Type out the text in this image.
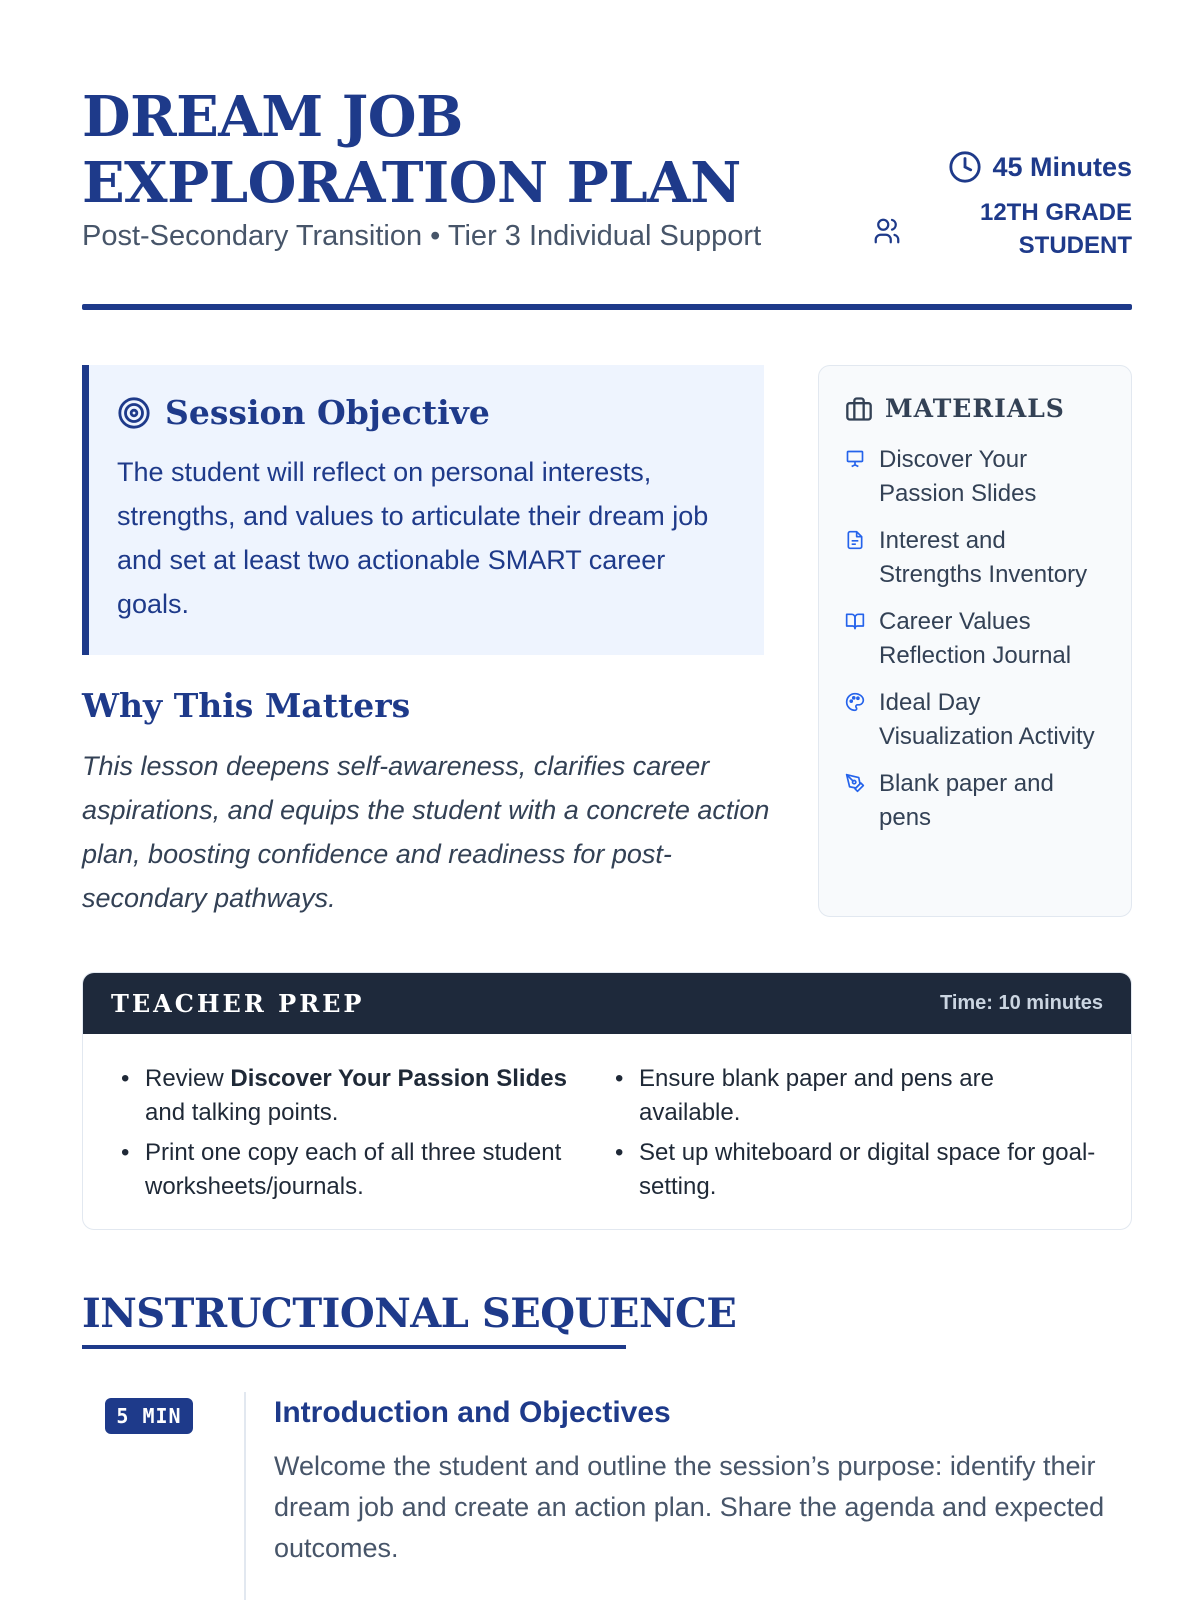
DREAM JOB EXPLORATION PLAN
Post-Secondary Transition • Tier 3 Individual Support
45 Minutes
12TH GRADE
STUDENT
Session Objective

The student will reflect on personal interests, strengths, and values to articulate their dream job and set at least two actionable SMART career goals.

Why This Matters

This lesson deepens self-awareness, clarifies career aspirations, and equips the student with a concrete action plan, boosting confidence and readiness for post-secondary pathways.

MATERIALS
Discover Your Passion Slides
Interest and Strengths Inventory
Career Values Reflection Journal
Ideal Day Visualization Activity
Blank paper and pens
TEACHER PREP	Time: 10 minutes
• Review Discover Your Passion Slides and talking points.
• Print one copy each of all three student worksheets/journals.
• Ensure blank paper and pens are available.
• Set up whiteboard or digital space for goal-setting.
INSTRUCTIONAL SEQUENCE
5 MIN	Introduction and Objectives

Welcome the student and outline the session’s purpose: identify their dream job and create an action plan. Share the agenda and expected outcomes.
